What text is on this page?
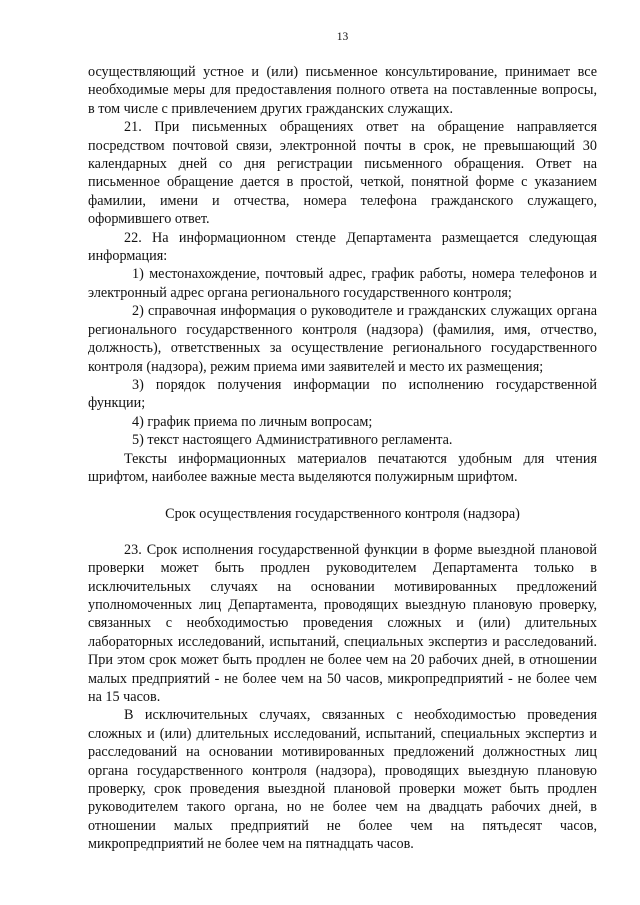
13

осуществляющий устное и (или) письменное консультирование, принимает все необходимые меры для предоставления полного ответа на поставленные вопросы, в том числе с привлечением других гражданских служащих.

21. При письменных обращениях ответ на обращение направляется посредством почтовой связи, электронной почты в срок, не превышающий 30 календарных дней со дня регистрации письменного обращения. Ответ на письменное обращение дается в простой, четкой, понятной форме с указанием фамилии, имени и отчества, номера телефона гражданского служащего, оформившего ответ.

22. На информационном стенде Департамента размещается следующая информация:

1) местонахождение, почтовый адрес, график работы, номера телефонов и электронный адрес органа регионального государственного контроля;

2) справочная информация о руководителе и гражданских служащих органа регионального государственного контроля (надзора) (фамилия, имя, отчество, должность), ответственных за осуществление регионального государственного контроля (надзора), режим приема ими заявителей и место их размещения;

3) порядок получения информации по исполнению государственной функции;

4) график приема по личным вопросам;

5) текст настоящего Административного регламента.

Тексты информационных материалов печатаются удобным для чтения шрифтом, наиболее важные места выделяются полужирным шрифтом.

Срок осуществления государственного контроля (надзора)

23. Срок исполнения государственной функции в форме выездной плановой проверки может быть продлен руководителем Департамента только в исключительных случаях на основании мотивированных предложений уполномоченных лиц Департамента, проводящих выездную плановую проверку, связанных с необходимостью проведения сложных и (или) длительных лабораторных исследований, испытаний, специальных экспертиз и расследований. При этом срок может быть продлен не более чем на 20 рабочих дней, в отношении малых предприятий - не более чем на 50 часов, микропредприятий - не более чем на 15 часов.

В исключительных случаях, связанных с необходимостью проведения сложных и (или) длительных исследований, испытаний, специальных экспертиз и расследований на основании мотивированных предложений должностных лиц органа государственного контроля (надзора), проводящих выездную плановую проверку, срок проведения выездной плановой проверки может быть продлен руководителем такого органа, но не более чем на двадцать рабочих дней, в отношении малых предприятий не более чем на пятьдесят часов, микропредприятий не более чем на пятнадцать часов.
